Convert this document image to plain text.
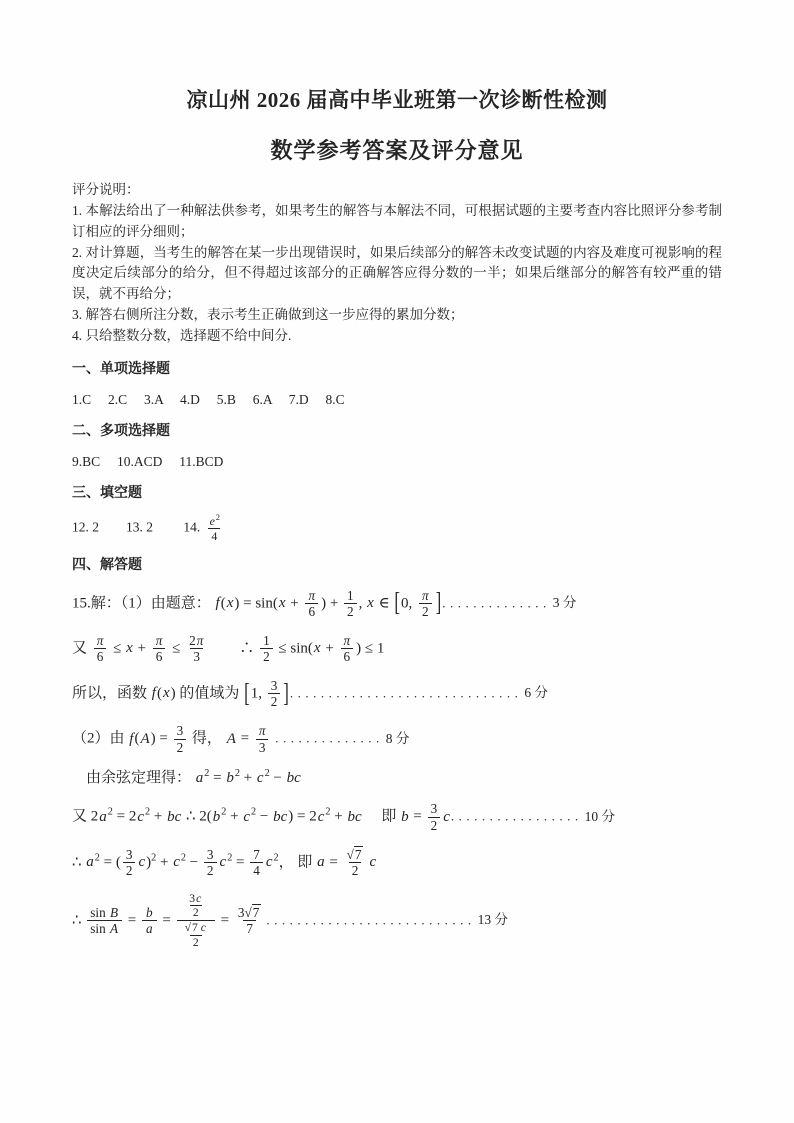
凉山州 2026 届高中毕业班第一次诊断性检测
数学参考答案及评分意见

评分说明：

1. 本解法给出了一种解法供参考，如果考生的解答与本解法不同，可根据试题的主要考查内容比照评分参考制订相应的评分细则；

2. 对计算题，当考生的解答在某一步出现错误时，如果后续部分的解答未改变试题的内容及难度可视影响的程度决定后续部分的给分，但不得超过该部分的正确解答应得分数的一半；如果后继部分的解答有较严重的错误，就不再给分；

3. 解答右侧所注分数，表示考生正确做到这一步应得的累加分数；

4. 只给整数分数，选择题不给中间分.

一、单项选择题
1.C　 2.C　 3.A　 4.D　 5.B　 6.A　 7.D　 8.C
二、多项选择题
9.BC　 10.ACD　 11.BCD
三、填空题
12. 2　　13. 2　　 14. $\frac{e^2}{4}$
四、解答题
15.解：（1）由题意： $f(x) = \sin(x + \frac{\pi}{6}$ ) + $\frac{1}{2}$ , x ∈ [0, $\frac{\pi}{2}$ ].............. 3 分
又 $\frac{\pi}{6} \le x + \frac{\pi}{6} \le \frac{2\pi}{3}$ 　　∴ $\frac{1}{2} \le \sin(x + \frac{\pi}{6}$ ) ≤ 1
所以，函数 f(x) 的值域为 [1, $\frac{3}{2}$ ].............................. 6 分
（2）由 $f(A) = \frac{3}{2}$ 得， $A = \frac{\pi}{3}$ .............. 8 分
由余弦定理得： $a^2 = b^2 + c^2$ − bc
又 $2a^2 = 2c^2$ + bc ∴ $2(b^2 + c^2 - bc) = 2c^2$ + bc　 即 $b = \frac{3}{2} c$................. 10 分
∴ $a^2$ = ( $\frac{3}{2} c)^2 + c^2 - \frac{3}{2} c^2 = \frac{7}{4} c^2$， 即 $a = \frac{√7}{2}$ c
∴ $\frac{\text{sin B}}{\text{sin A}} = \frac{b}{a} = \frac{\frac{3c}{2}}{\frac{√7 c}{2}} = \frac{3√7}{7}$ ........................... 13 分
